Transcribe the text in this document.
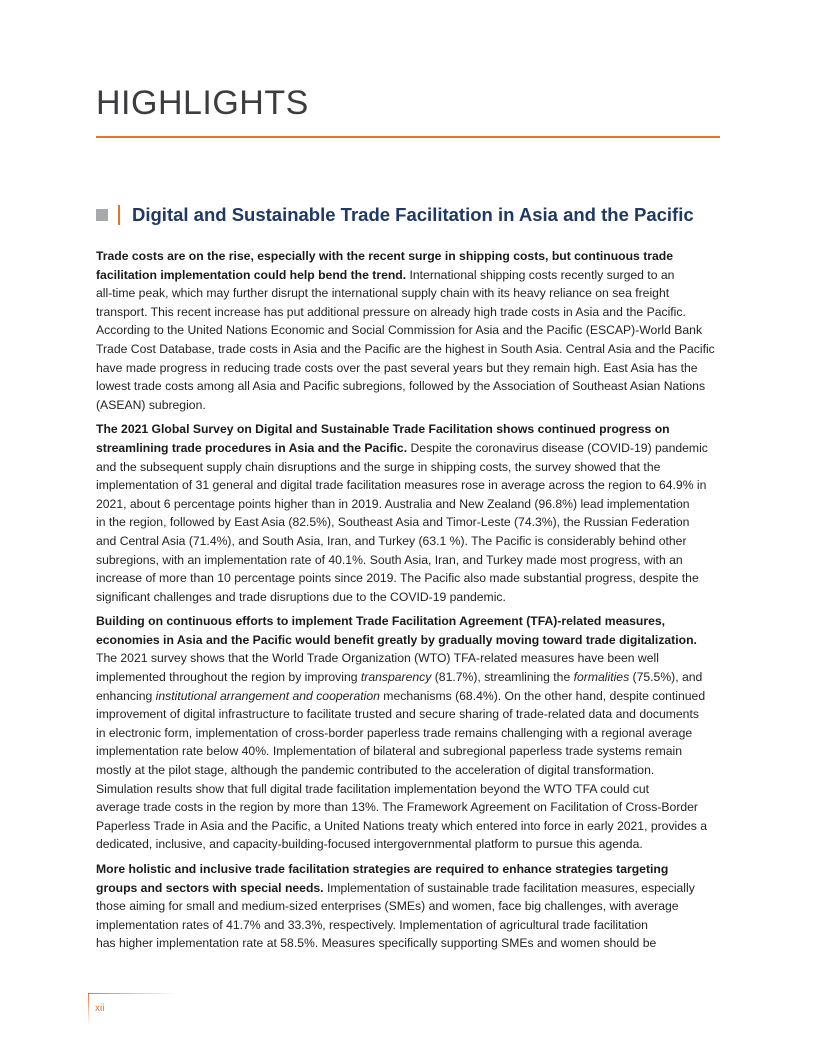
HIGHLIGHTS
Digital and Sustainable Trade Facilitation in Asia and the Pacific

Trade costs are on the rise, especially with the recent surge in shipping costs, but continuous trade
facilitation implementation could help bend the trend. International shipping costs recently surged to an
all-time peak, which may further disrupt the international supply chain with its heavy reliance on sea freight
transport. This recent increase has put additional pressure on already high trade costs in Asia and the Pacific.
According to the United Nations Economic and Social Commission for Asia and the Pacific (ESCAP)-World Bank
Trade Cost Database, trade costs in Asia and the Pacific are the highest in South Asia. Central Asia and the Pacific
have made progress in reducing trade costs over the past several years but they remain high. East Asia has the
lowest trade costs among all Asia and Pacific subregions, followed by the Association of Southeast Asian Nations
(ASEAN) subregion.

The 2021 Global Survey on Digital and Sustainable Trade Facilitation shows continued progress on
streamlining trade procedures in Asia and the Pacific. Despite the coronavirus disease (COVID-19) pandemic
and the subsequent supply chain disruptions and the surge in shipping costs, the survey showed that the
implementation of 31 general and digital trade facilitation measures rose in average across the region to 64.9% in
2021, about 6 percentage points higher than in 2019. Australia and New Zealand (96.8%) lead implementation
in the region, followed by East Asia (82.5%), Southeast Asia and Timor-Leste (74.3%), the Russian Federation
and Central Asia (71.4%), and South Asia, Iran, and Turkey (63.1 %). The Pacific is considerably behind other
subregions, with an implementation rate of 40.1%. South Asia, Iran, and Turkey made most progress, with an
increase of more than 10 percentage points since 2019. The Pacific also made substantial progress, despite the
significant challenges and trade disruptions due to the COVID-19 pandemic.

Building on continuous efforts to implement Trade Facilitation Agreement (TFA)-related measures,
economies in Asia and the Pacific would benefit greatly by gradually moving toward trade digitalization.
The 2021 survey shows that the World Trade Organization (WTO) TFA-related measures have been well
implemented throughout the region by improving transparency (81.7%), streamlining the formalities (75.5%), and
enhancing institutional arrangement and cooperation mechanisms (68.4%). On the other hand, despite continued
improvement of digital infrastructure to facilitate trusted and secure sharing of trade-related data and documents
in electronic form, implementation of cross-border paperless trade remains challenging with a regional average
implementation rate below 40%. Implementation of bilateral and subregional paperless trade systems remain
mostly at the pilot stage, although the pandemic contributed to the acceleration of digital transformation.
Simulation results show that full digital trade facilitation implementation beyond the WTO TFA could cut
average trade costs in the region by more than 13%. The Framework Agreement on Facilitation of Cross-Border
Paperless Trade in Asia and the Pacific, a United Nations treaty which entered into force in early 2021, provides a
dedicated, inclusive, and capacity-building-focused intergovernmental platform to pursue this agenda.

More holistic and inclusive trade facilitation strategies are required to enhance strategies targeting
groups and sectors with special needs. Implementation of sustainable trade facilitation measures, especially
those aiming for small and medium-sized enterprises (SMEs) and women, face big challenges, with average
implementation rates of 41.7% and 33.3%, respectively. Implementation of agricultural trade facilitation
has higher implementation rate at 58.5%. Measures specifically supporting SMEs and women should be

xii
